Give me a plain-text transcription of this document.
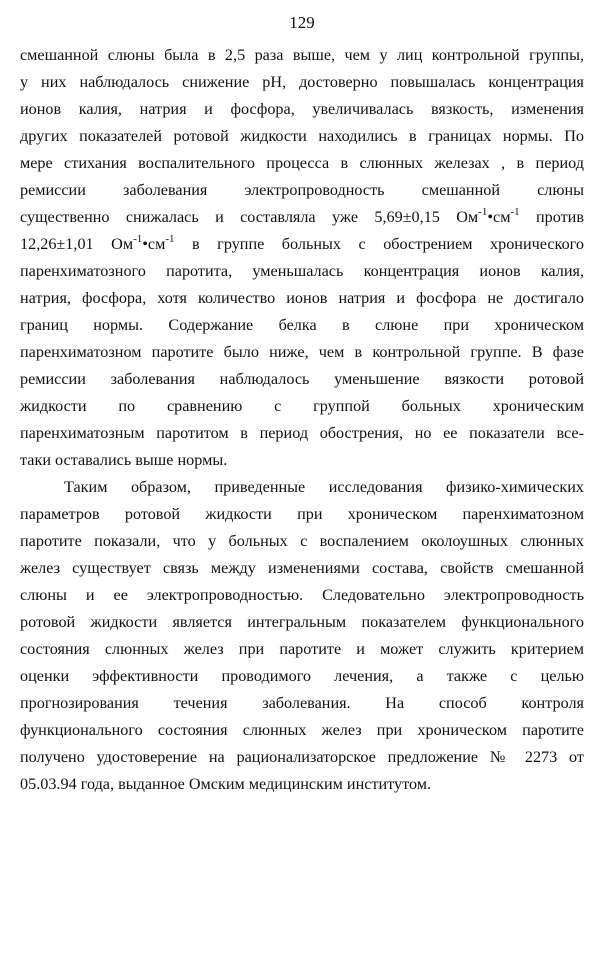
129
смешанной слюны была в 2,5 раза выше, чем у лиц контрольной группы,
у них наблюдалось снижение pH, достоверно повышалась концентрация
ионов калия, натрия и фосфора, увеличивалась вязкость, изменения
других показателей ротовой жидкости находились в границах нормы. По
мере стихания воспалительного процесса в слюнных железах , в период
ремиссии заболевания электропроводность смешанной слюны
существенно снижалась и составляла уже 5,69±0,15 $Ом^{-1}•см^{-1}$ против
12,26±1,01 $Ом^{-1}•см^{-1}$ в группе больных с обострением хронического
паренхиматозного паротита, уменьшалась концентрация ионов калия,
натрия, фосфора, хотя количество ионов натрия и фосфора не достигало
границ нормы. Содержание белка в слюне при хроническом
паренхиматозном паротите было ниже, чем в контрольной группе. В фазе
ремиссии заболевания наблюдалось уменьшение вязкости ротовой
жидкости по сравнению с группой больных хроническим
паренхиматозным паротитом в период обострения, но ее показатели все-
таки оставались выше нормы.
Таким образом, приведенные исследования физико-химических
параметров ротовой жидкости при хроническом паренхиматозном
паротите показали, что у больных с воспалением околоушных слюнных
желез существует связь между изменениями состава, свойств смешанной
слюны и ее электропроводностью. Следовательно электропроводность
ротовой жидкости является интегральным показателем функционального
состояния слюнных желез при паротите и может служить критерием
оценки эффективности проводимого лечения, а также с целью
прогнозирования течения заболевания. На способ контроля
функционального состояния слюнных желез при хроническом паротите
получено удостоверение на рационализаторское предложение № 2273 от
05.03.94 года, выданное Омским медицинским институтом.
